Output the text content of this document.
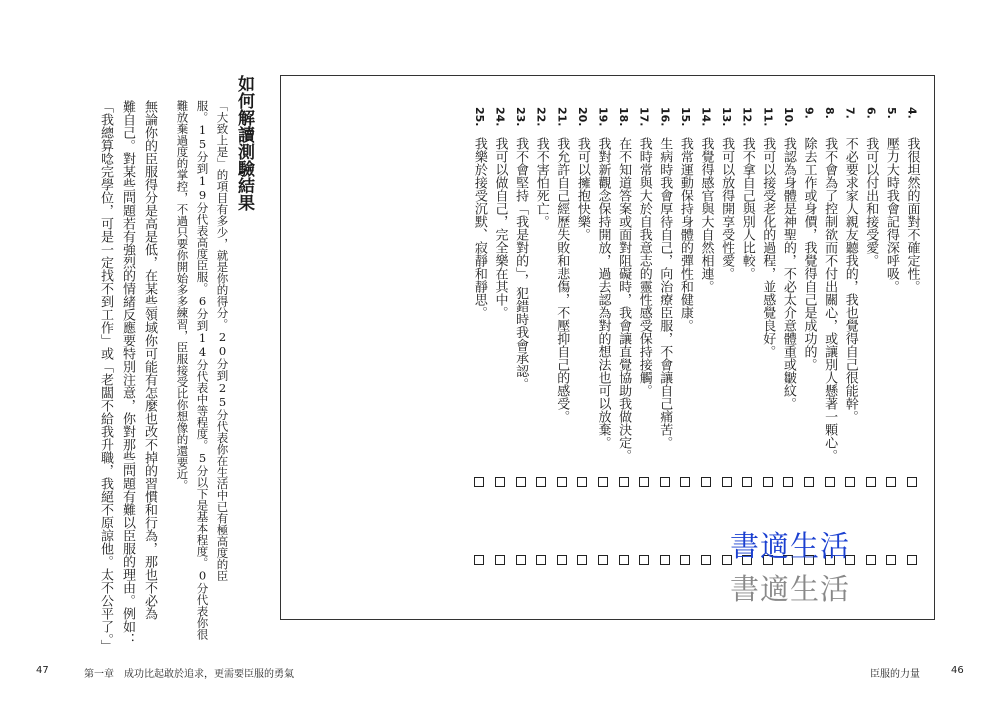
如何解讀測驗結果
「大致上是」的項目有多少，就是你的得分。20分到25分代表你在生活中已有極高度的臣
服。15分到19分代表高度臣服。6分到14分代表中等程度。5分以下是基本程度。0分代表你很
難放棄過度的掌控，不過只要你開始多多練習，臣服接受比你想像的還要近。
無論你的臣服得分是高是低，在某些領域你可能有怎麼也改不掉的習慣和行為，那也不必為
難自己。對某些問題若有強烈的情緒反應要特別注意，你對那些問題有難以臣服的理由。例如：
「我總算唸完學位，可是一定找不到工作」或「老闆不給我升職，我絕不原諒他。太不公平了。」	4.
我很坦然的面對不確定性。
5.
壓力大時我會記得深呼吸。
6.
我可以付出和接受愛。
7.
不必要求家人親友聽我的，我也覺得自己很能幹。
8.
我不會為了控制欲而不付出關心，或讓別人懸著一顆心。
9.
除去工作或身價，我覺得自己是成功的。
10.
我認為身體是神聖的，不必太介意體重或皺紋。
11.
我可以接受老化的過程，並感覺良好。
12.
我不拿自己與別人比較。
13.
我可以放得開享受性愛。
14.
我覺得感官與大自然相連。
15.
我常運動保持身體的彈性和健康。
16.
生病時我會厚待自己，向治療臣服，不會讓自己痛苦。
17.
我時常與大於自我意志的靈性感受保持接觸。
18.
在不知道答案或面對阻礙時，我會讓直覺協助我做決定。
19.
我對新觀念保持開放，過去認為對的想法也可以放棄。
20.
我可以擁抱快樂。
21.
我允許自己經歷失敗和悲傷，不壓抑自己的感受。
22.
我不害怕死亡。
23.
我不會堅持「我是對的」，犯錯時我會承認。
24.
我可以做自己，完全樂在其中。
25.
我樂於接受沉默、寂靜和靜思。
書適生活
書適生活
47	第一章　成功比起敢於追求，更需要臣服的勇氣	臣服的力量	46
